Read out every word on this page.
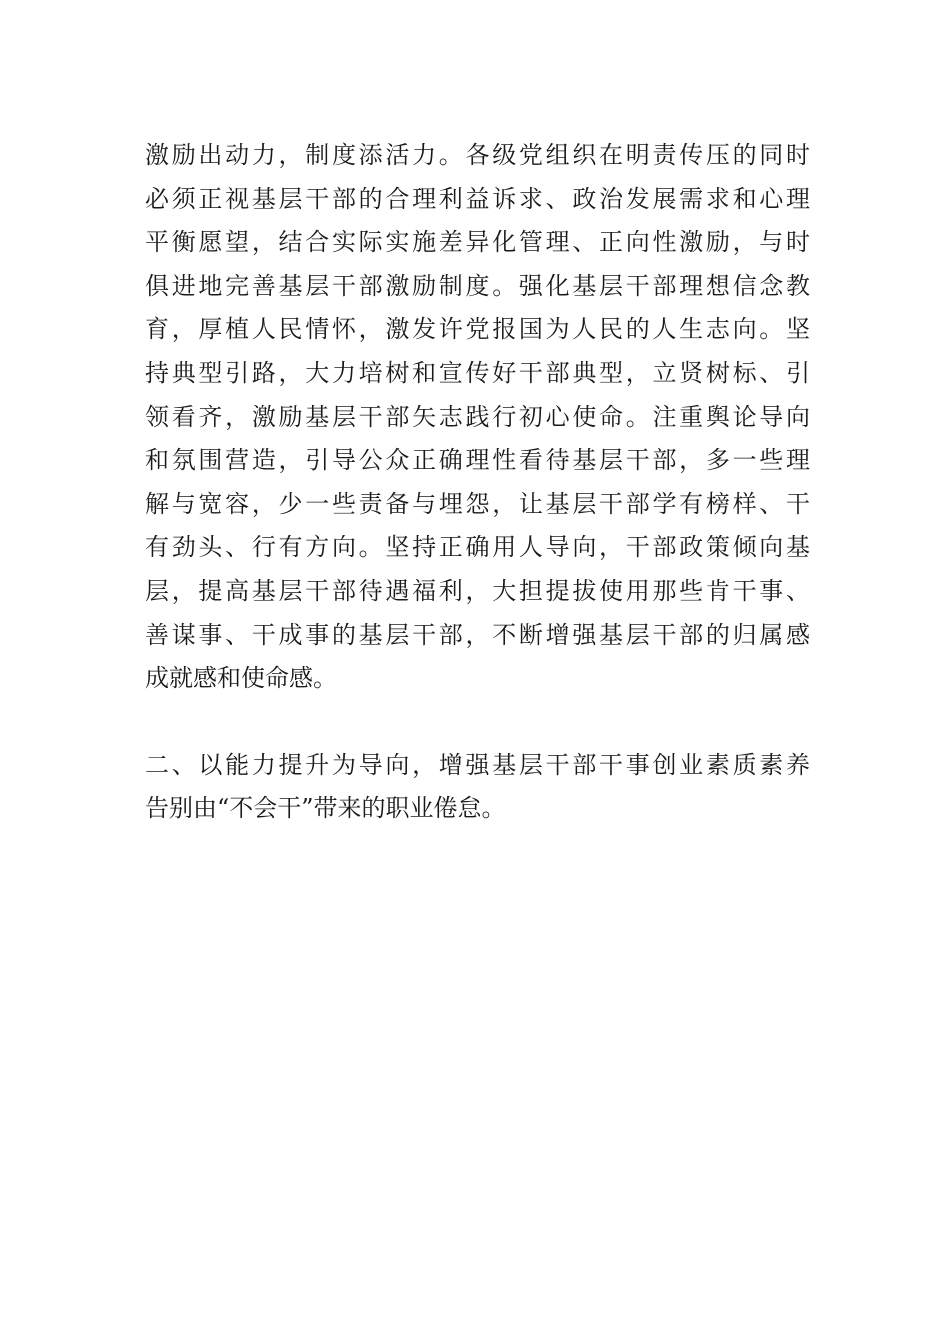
激励出动力，制度添活力。各级党组织在明责传压的同时
必须正视基层干部的合理利益诉求、政治发展需求和心理
平衡愿望，结合实际实施差异化管理、正向性激励，与时
俱进地完善基层干部激励制度。强化基层干部理想信念教
育，厚植人民情怀，激发许党报国为人民的人生志向。坚
持典型引路，大力培树和宣传好干部典型，立贤树标、引
领看齐，激励基层干部矢志践行初心使命。注重舆论导向
和氛围营造，引导公众正确理性看待基层干部，多一些理
解与宽容，少一些责备与埋怨，让基层干部学有榜样、干
有劲头、行有方向。坚持正确用人导向，干部政策倾向基
层，提高基层干部待遇福利，大担提拔使用那些肯干事、
善谋事、干成事的基层干部，不断增强基层干部的归属感
成就感和使命感。
二、以能力提升为导向，增强基层干部干事创业素质素养
告别由“不会干”带来的职业倦怠。
